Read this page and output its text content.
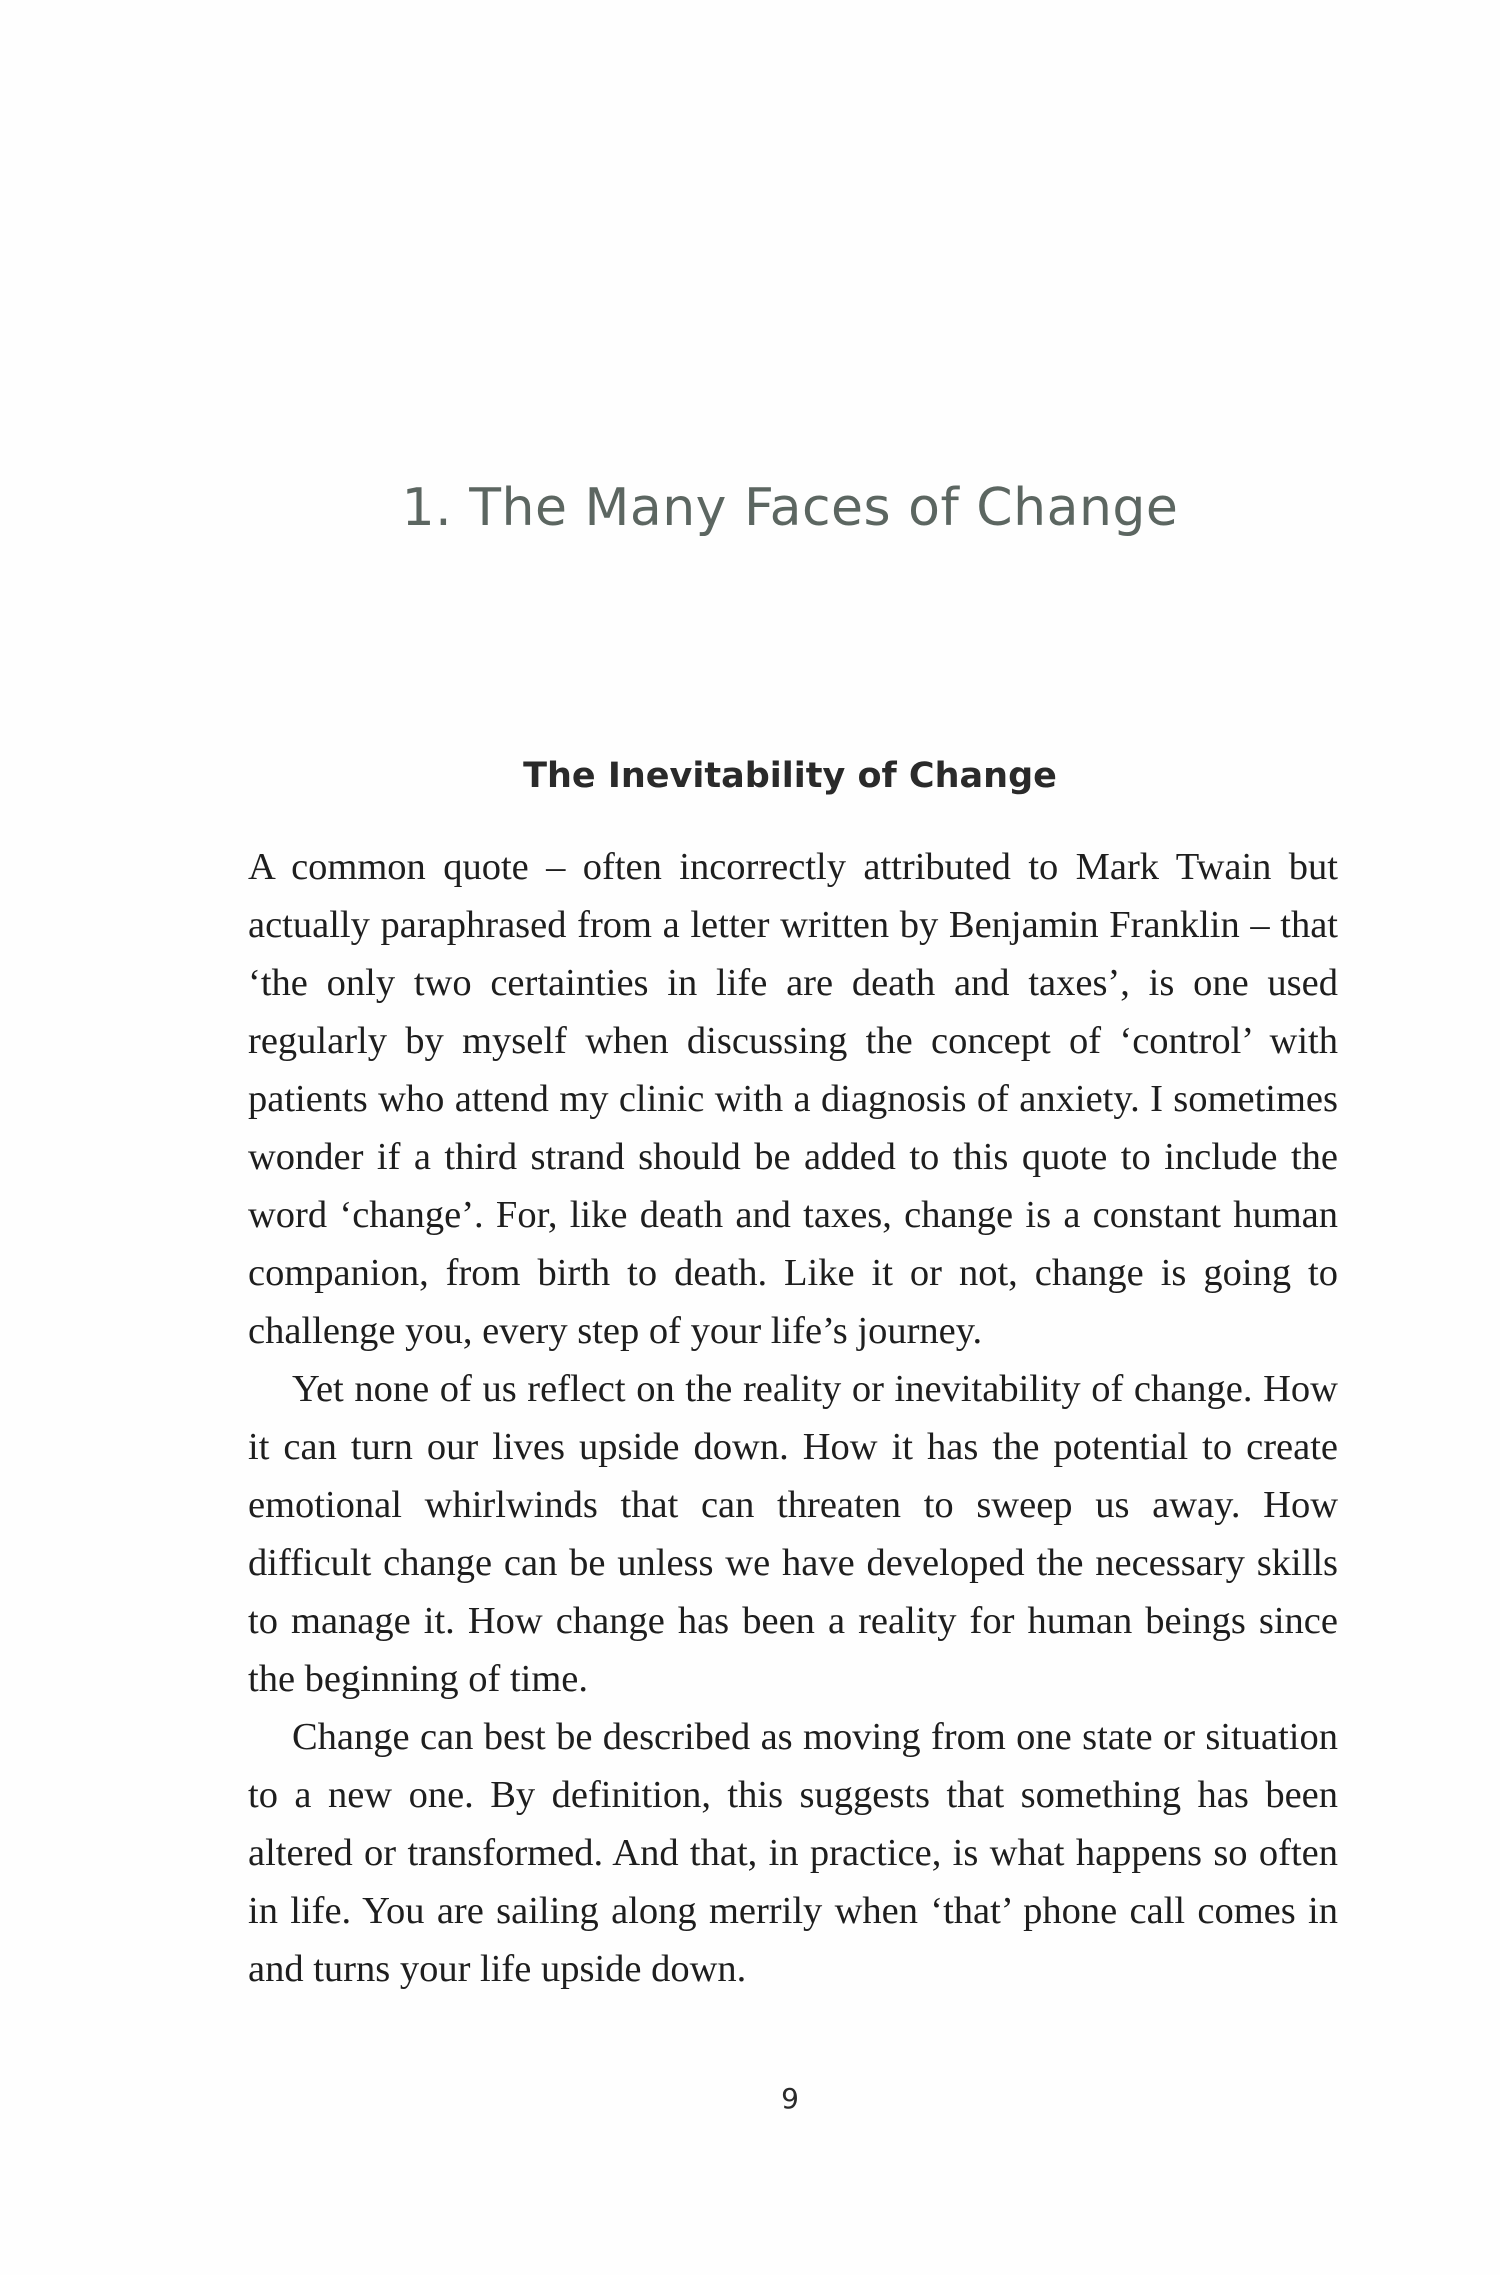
1. The Many Faces of Change
The Inevitability of Change

A common quote – often incorrectly attributed to Mark Twain but actually paraphrased from a letter written by Benjamin Franklin – that ‘the only two certainties in life are death and taxes’, is one used regularly by myself when discussing the concept of ‘control’ with patients who attend my clinic with a diagnosis of anxiety. I sometimes wonder if a third strand should be added to this quote to include the word ‘change’. For, like death and taxes, change is a constant human companion, from birth to death. Like it or not, change is going to challenge you, every step of your life’s journey.

Yet none of us reflect on the reality or inevitability of change. How it can turn our lives upside down. How it has the potential to create emotional whirlwinds that can threaten to sweep us away. How difficult change can be unless we have developed the necessary skills to manage it. How change has been a reality for human beings since the beginning of time.

Change can best be described as moving from one state or situation to a new one. By definition, this suggests that something has been altered or transformed. And that, in practice, is what happens so often in life. You are sailing along merrily when ‘that’ phone call comes in and turns your life upside down.

9
